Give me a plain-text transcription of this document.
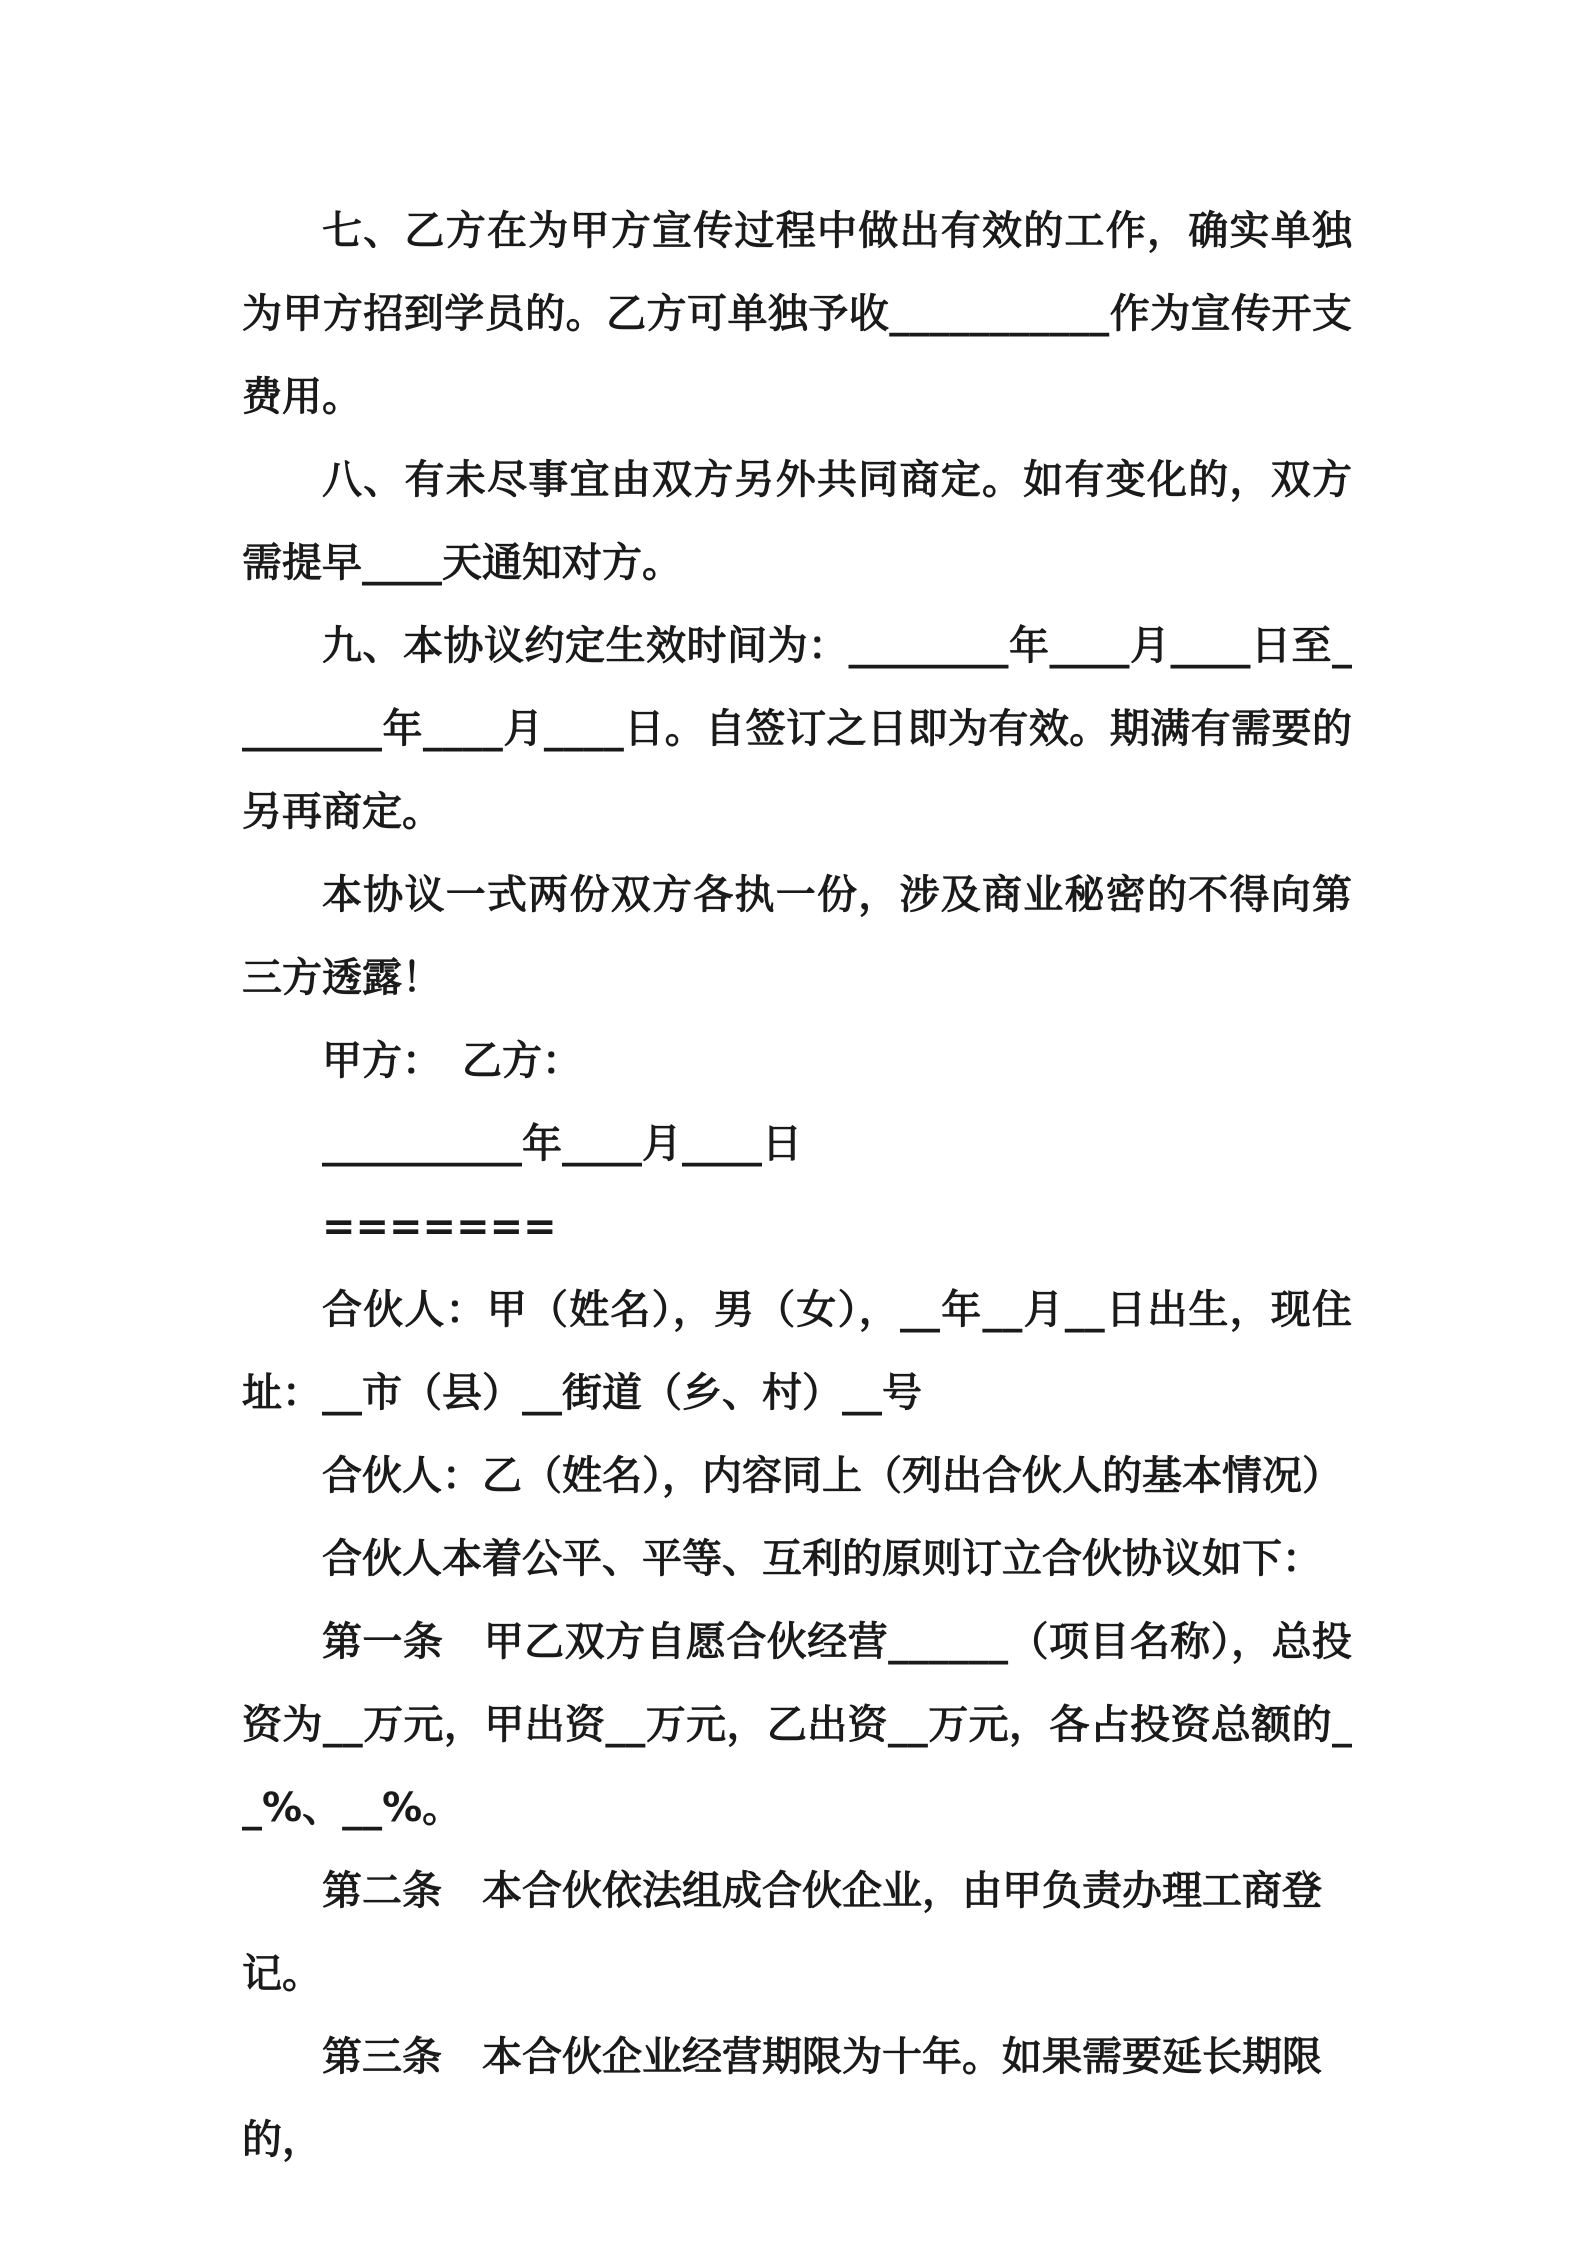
七、乙方在为甲方宣传过程中做出有效的工作，确实单独为甲方招到学员的。乙方可单独予收___________作为宣传开支费用。

八、有未尽事宜由双方另外共同商定。如有变化的，双方需提早____天通知对方。

九、本协议约定生效时间为：________年____月____日至________年____月____日。自签订之日即为有效。期满有需要的另再商定。

本协议一式两份双方各执一份，涉及商业秘密的不得向第三方透露！

甲方：　乙方：

__________年____月____日

=======

合伙人：甲（姓名），男（女），__年__月__日出生，现住址：__市（县）__街道（乡、村）__号

合伙人：乙（姓名），内容同上（列出合伙人的基本情况）

合伙人本着公平、平等、互利的原则订立合伙协议如下：

第一条　甲乙双方自愿合伙经营______（项目名称），总投资为__万元，甲出资__万元，乙出资__万元，各占投资总额的__%、__%。

第二条　本合伙依法组成合伙企业，由甲负责办理工商登记。

第三条　本合伙企业经营期限为十年。如果需要延长期限的，
